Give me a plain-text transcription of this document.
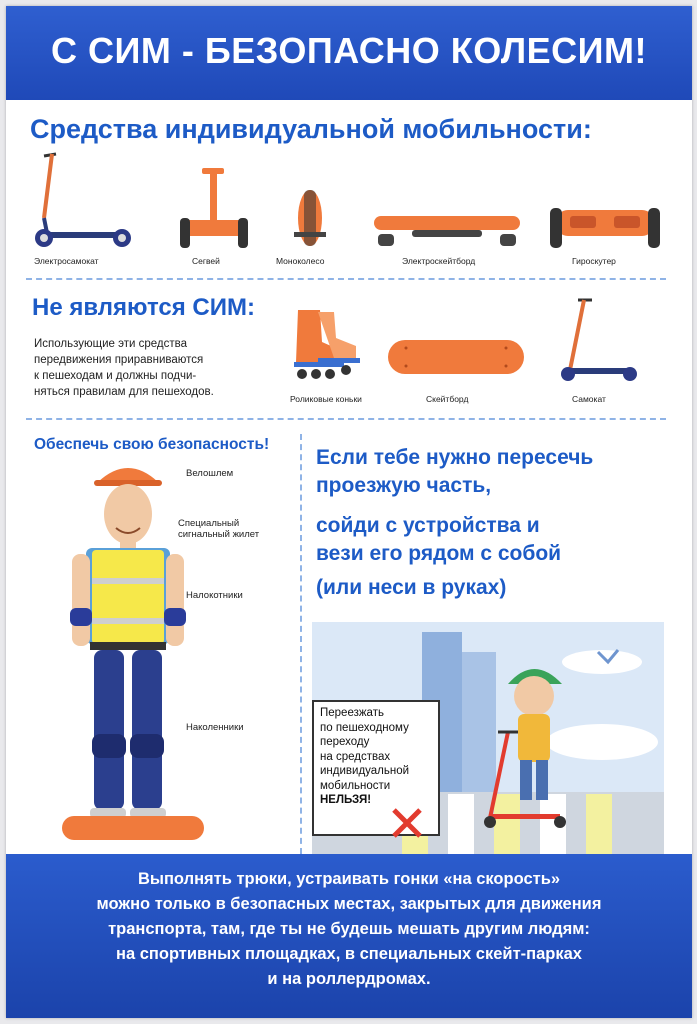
С СИМ - БЕЗОПАСНО КОЛЕСИМ!
Средства индивидуальной мобильности:
Электросамокат	Сегвей	Моноколесо	Электроскейтборд	Гироскутер
Не являются СИМ:
Использующие эти средства
передвижения приравниваются
к пешеходам и должны подчи-
няться правилам для пешеходов.
Роликовые коньки	Скейтборд	Самокат
Обеспечь свою безопасность!
Велошлем
Специальный
сигнальный жилет
Налокотники
Наколенники
Если тебе нужно пересечь
проезжую часть,
сойди с устройства и
вези его рядом с собой
(или неси в руках)
Переезжать
по пешеходному
переходу
на средствах
индивидуальной
мобильности
НЕЛЬЗЯ!
Выполнять трюки, устраивать гонки «на скорость»
можно только в безопасных местах, закрытых для движения
транспорта, там, где ты не будешь мешать другим людям:
на спортивных площадках, в специальных скейт-парках
и на роллердромах.
